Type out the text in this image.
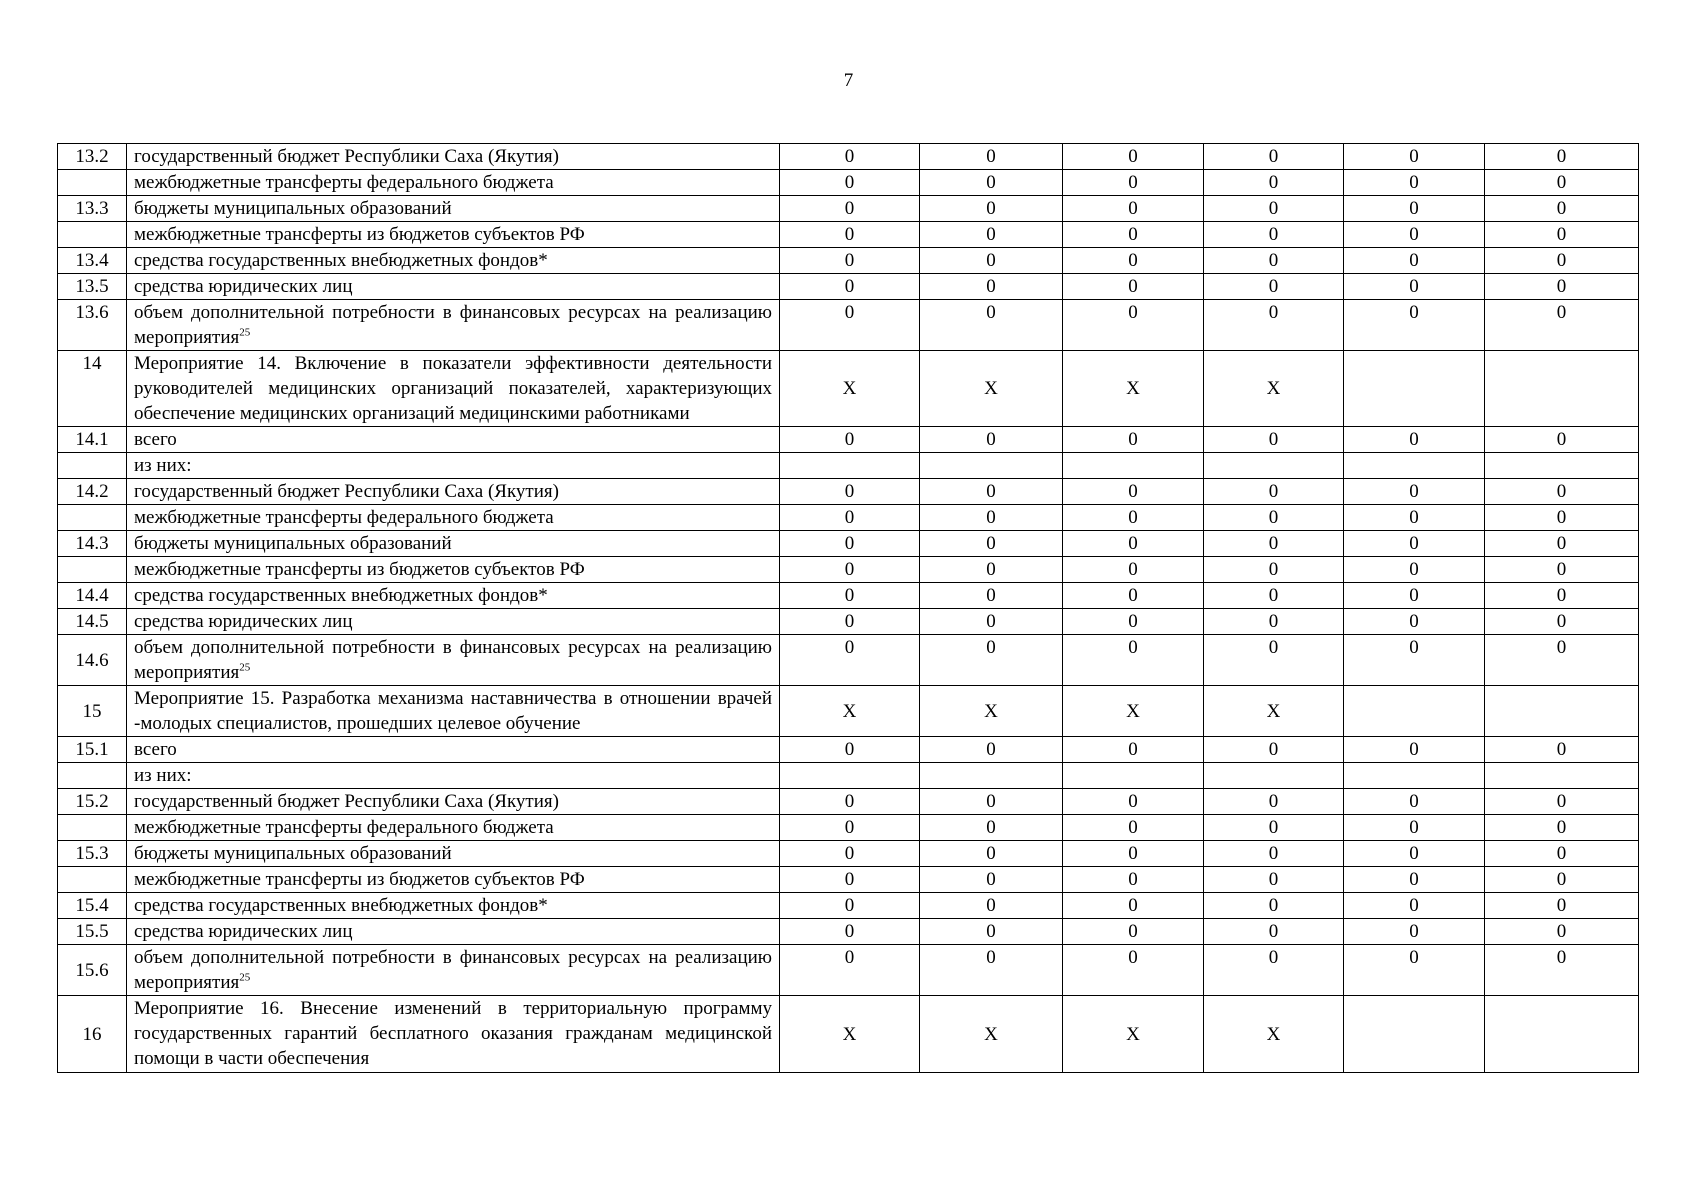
7
13.2	государственный бюджет Республики Саха (Якутия)	0	0	0	0	0	0
	межбюджетные трансферты федерального бюджета	0	0	0	0	0	0
13.3	бюджеты муниципальных образований	0	0	0	0	0	0
	межбюджетные трансферты из бюджетов субъектов РФ	0	0	0	0	0	0
13.4	средства государственных внебюджетных фондов*	0	0	0	0	0	0
13.5	средства юридических лиц	0	0	0	0	0	0
13.6	объем дополнительной потребности в финансовых ресурсах на реализацию мероприятия$^{25}$	0	0	0	0	0	0
14	Мероприятие 14. Включение в показатели эффективности деятельности руководителей медицинских организаций показателей, характеризующих обеспечение медицинских организаций медицинскими работниками	X	X	X	X		
14.1	всего	0	0	0	0	0	0
	из них:						
14.2	государственный бюджет Республики Саха (Якутия)	0	0	0	0	0	0
	межбюджетные трансферты федерального бюджета	0	0	0	0	0	0
14.3	бюджеты муниципальных образований	0	0	0	0	0	0
	межбюджетные трансферты из бюджетов субъектов РФ	0	0	0	0	0	0
14.4	средства государственных внебюджетных фондов*	0	0	0	0	0	0
14.5	средства юридических лиц	0	0	0	0	0	0
14.6	объем дополнительной потребности в финансовых ресурсах на реализацию мероприятия$^{25}$	0	0	0	0	0	0
15	Мероприятие 15. Разработка механизма наставничества в отношении врачей -молодых специалистов, прошедших целевое обучение	X	X	X	X		
15.1	всего	0	0	0	0	0	0
	из них:						
15.2	государственный бюджет Республики Саха (Якутия)	0	0	0	0	0	0
	межбюджетные трансферты федерального бюджета	0	0	0	0	0	0
15.3	бюджеты муниципальных образований	0	0	0	0	0	0
	межбюджетные трансферты из бюджетов субъектов РФ	0	0	0	0	0	0
15.4	средства государственных внебюджетных фондов*	0	0	0	0	0	0
15.5	средства юридических лиц	0	0	0	0	0	0
15.6	объем дополнительной потребности в финансовых ресурсах на реализацию мероприятия$^{25}$	0	0	0	0	0	0
16	Мероприятие 16. Внесение изменений в территориальную программу государственных гарантий бесплатного оказания гражданам медицинской помощи в части обеспечения	X	X	X	X		
